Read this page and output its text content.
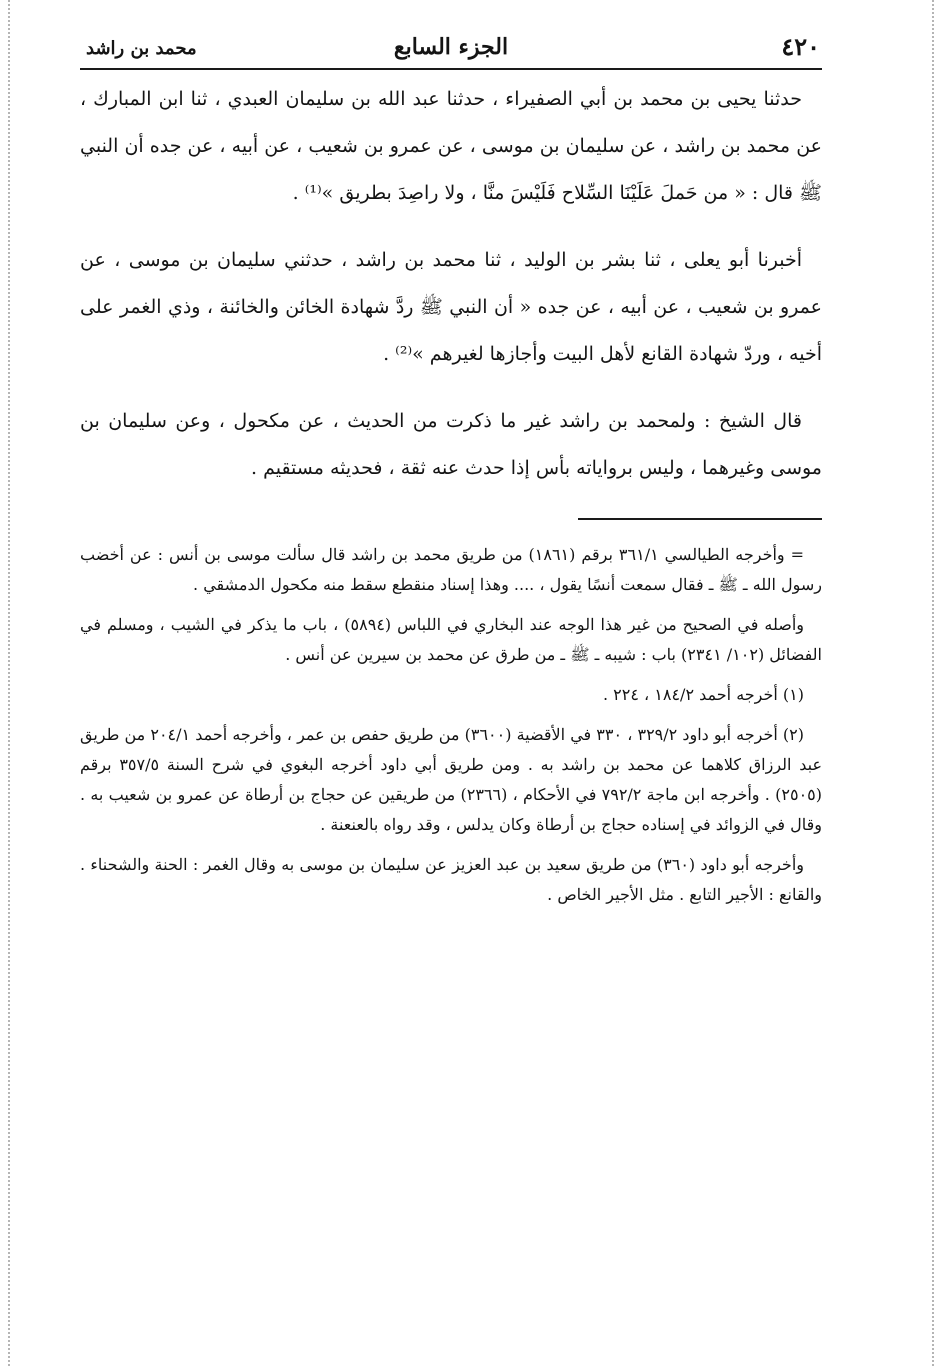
٤٢٠
الجزء السابع
محمد بن راشد

حدثنا يحيى بن محمد بن أبي الصفيراء ، حدثنا عبد الله بن سليمان العبدي ، ثنا ابن المبارك ، عن محمد بن راشد ، عن سليمان بن موسى ، عن عمرو بن شعيب ، عن أبيه ، عن جده أن النبي ﷺ قال : « من حَملَ عَلَيْنَا السِّلاح فَلَيْسَ منَّا ، ولا راصِدَ بطريق »⁽¹⁾ .

أخبرنا أبو يعلى ، ثنا بشر بن الوليد ، ثنا محمد بن راشد ، حدثني سليمان بن موسى ، عن عمرو بن شعيب ، عن أبيه ، عن جده « أن النبي ﷺ ردَّ شهادة الخائن والخائنة ، وذي الغمر على أخيه ، وردّ شهادة القانع لأهل البيت وأجازها لغيرهم »⁽²⁾ .

قال الشيخ : ولمحمد بن راشد غير ما ذكرت من الحديث ، عن مكحول ، وعن سليمان بن موسى وغيرهما ، وليس برواياته بأس إذا حدث عنه ثقة ، فحديثه مستقيم .

= وأخرجه الطيالسي ٣٦١/١ برقم (١٨٦١) من طريق محمد بن راشد قال سألت موسى بن أنس : عن أخضب رسول الله ـ ﷺ ـ فقال سمعت أنسًا يقول ، .... وهذا إسناد منقطع سقط منه مكحول الدمشقي .

وأصله في الصحيح من غير هذا الوجه عند البخاري في اللباس (٥٨٩٤) ، باب ما يذكر في الشيب ، ومسلم في الفضائل (١٠٢/ ٢٣٤١) باب : شيبه ـ ﷺ ـ من طرق عن محمد بن سيرين عن أنس .

(١) أخرجه أحمد ١٨٤/٢ ، ٢٢٤ .

(٢) أخرجه أبو داود ٣٢٩/٢ ، ٣٣٠ في الأقضية (٣٦٠٠) من طريق حفص بن عمر ، وأخرجه أحمد ٢٠٤/١ من طريق عبد الرزاق كلاهما عن محمد بن راشد به . ومن طريق أبي داود أخرجه البغوي في شرح السنة ٣٥٧/٥ برقم (٢٥٠٥) . وأخرجه ابن ماجة ٧٩٢/٢ في الأحكام ، (٢٣٦٦) من طريقين عن حجاج بن أرطاة عن عمرو بن شعيب به . وقال في الزوائد في إسناده حجاج بن أرطاة وكان يدلس ، وقد رواه بالعنعنة .

وأخرجه أبو داود (٣٦٠) من طريق سعيد بن عبد العزيز عن سليمان بن موسى به وقال الغمر : الحنة والشحناء . والقانع : الأجير التابع . مثل الأجير الخاص .
